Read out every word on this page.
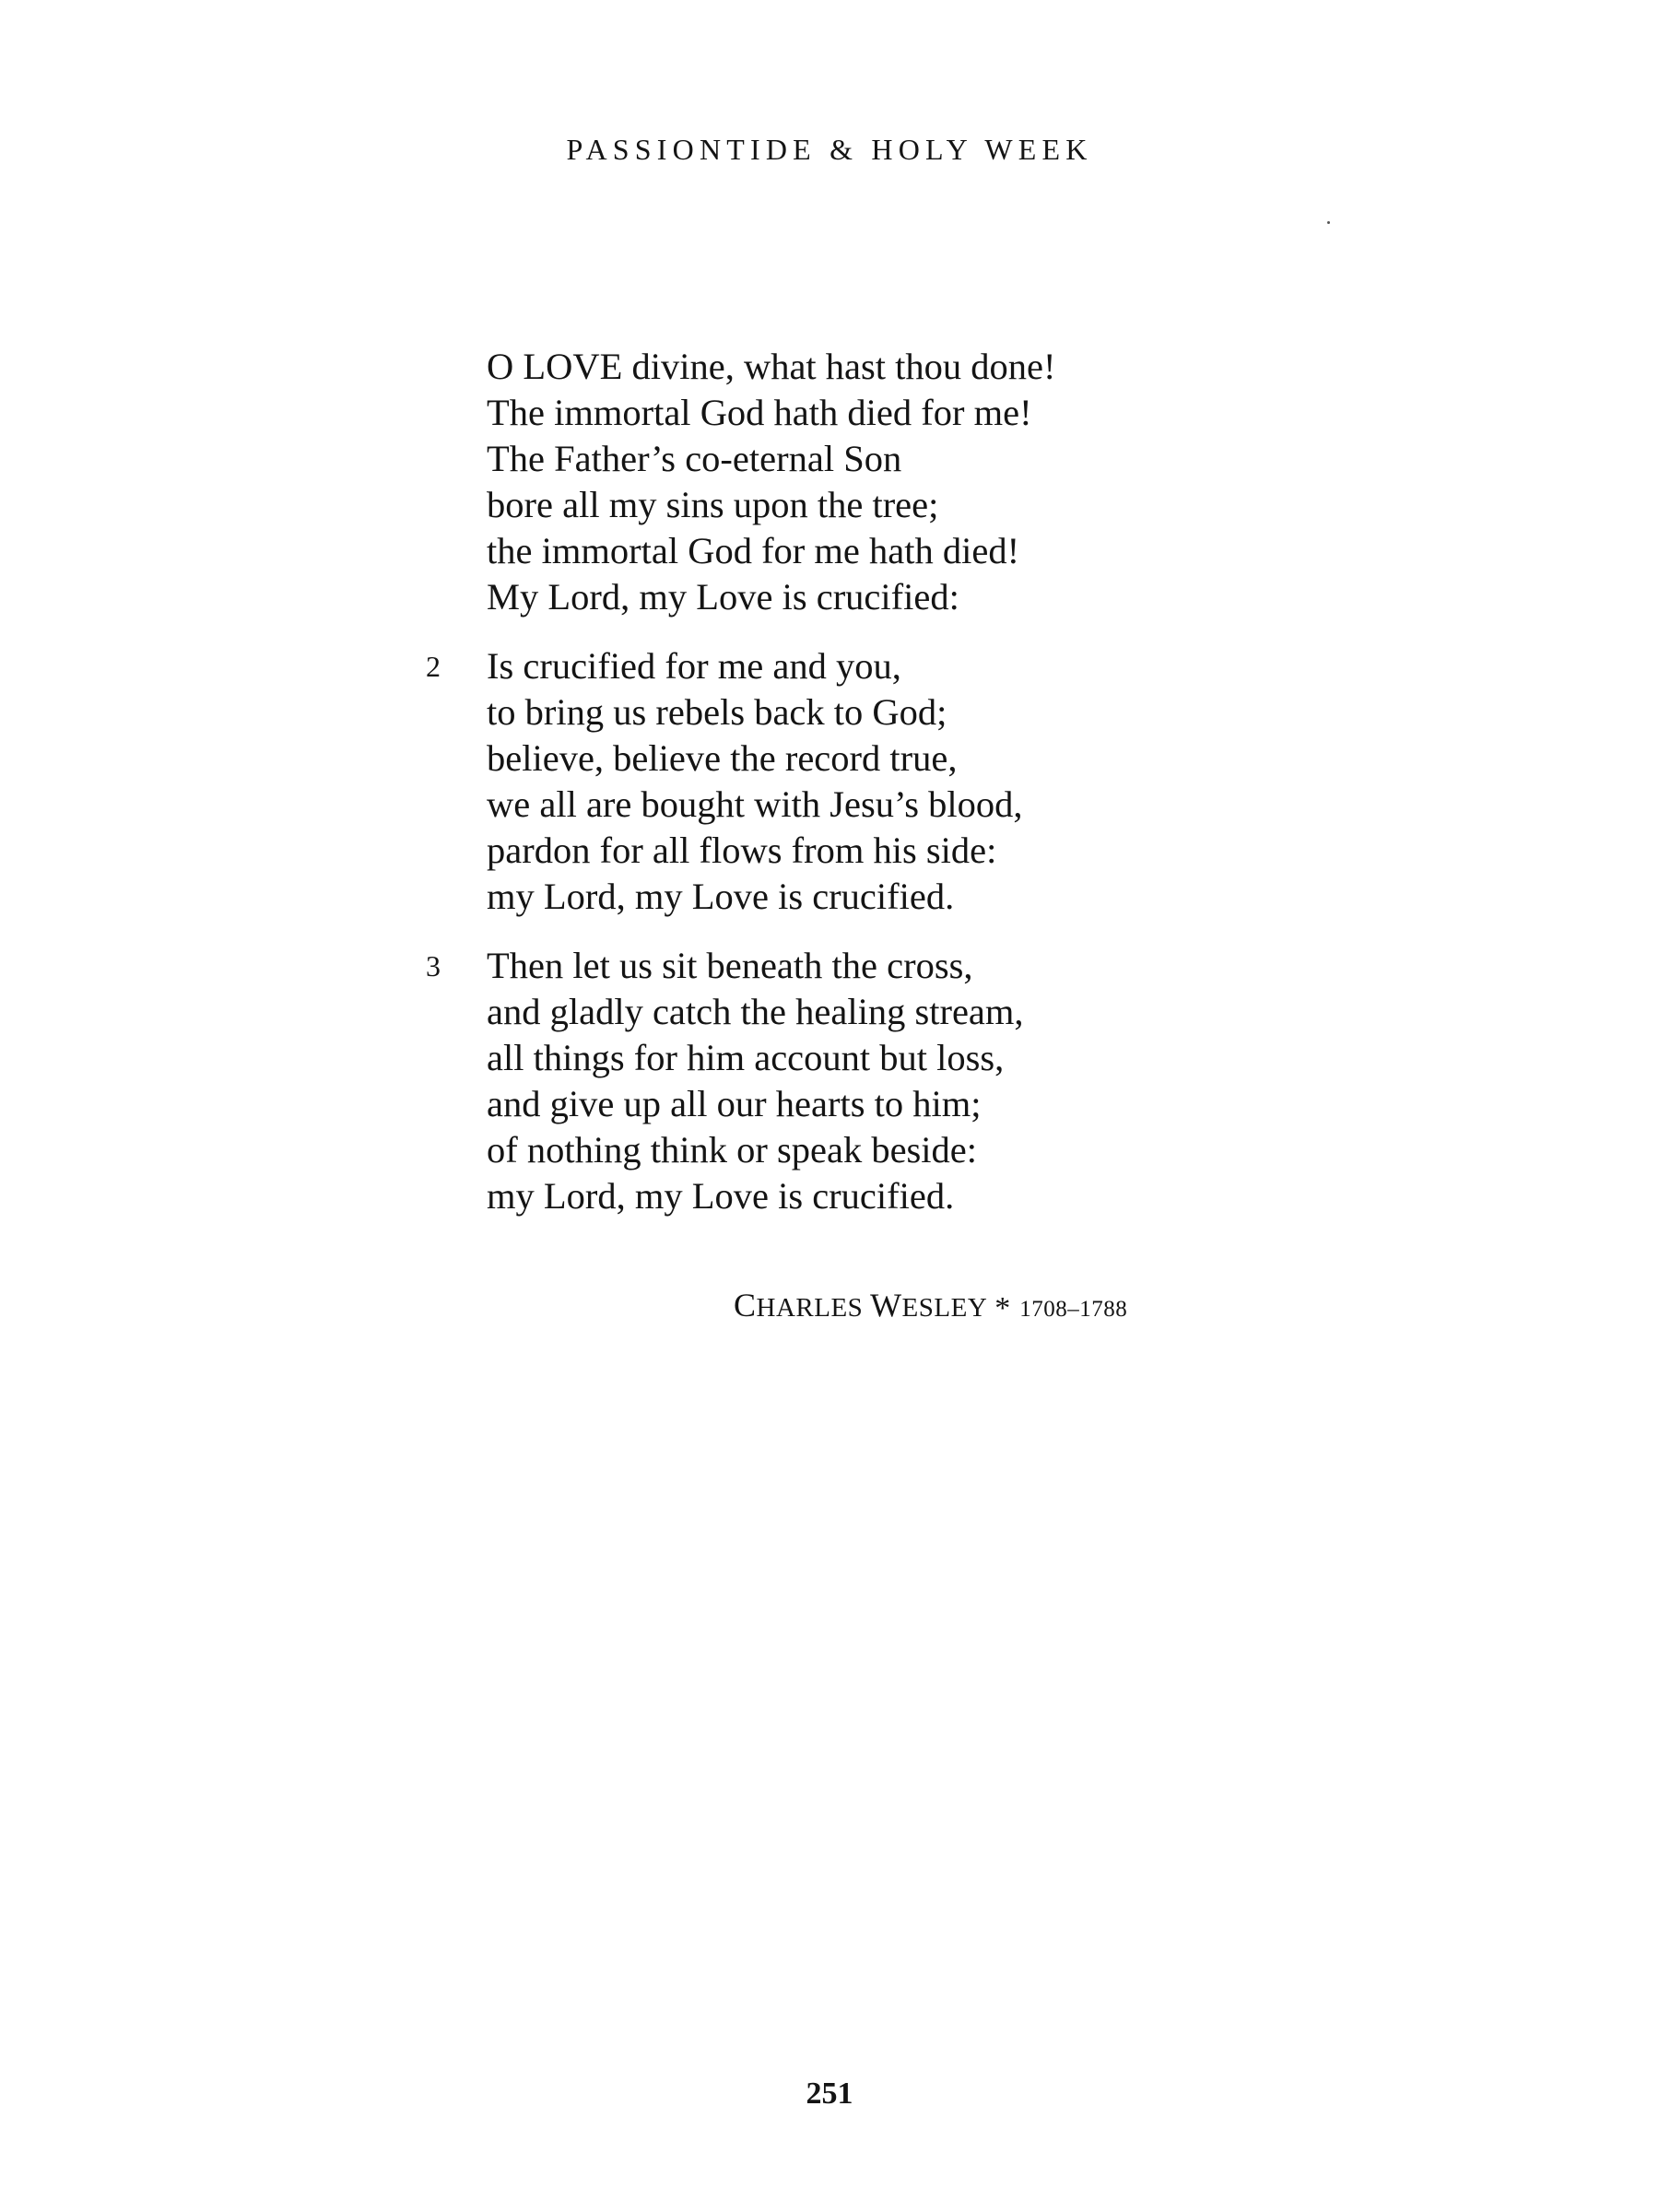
PASSIONTIDE & HOLY WEEK
O LOVE divine, what hast thou done!
The immortal God hath died for me!
The Father’s co-eternal Son
bore all my sins upon the tree;
the immortal God for me hath died!
My Lord, my Love is crucified:
2 Is crucified for me and you,
to bring us rebels back to God;
believe, believe the record true,
we all are bought with Jesu’s blood,
pardon for all flows from his side:
my Lord, my Love is crucified.
3 Then let us sit beneath the cross,
and gladly catch the healing stream,
all things for him account but loss,
and give up all our hearts to him;
of nothing think or speak beside:
my Lord, my Love is crucified.
CHARLES WESLEY * 1708–1788
251
